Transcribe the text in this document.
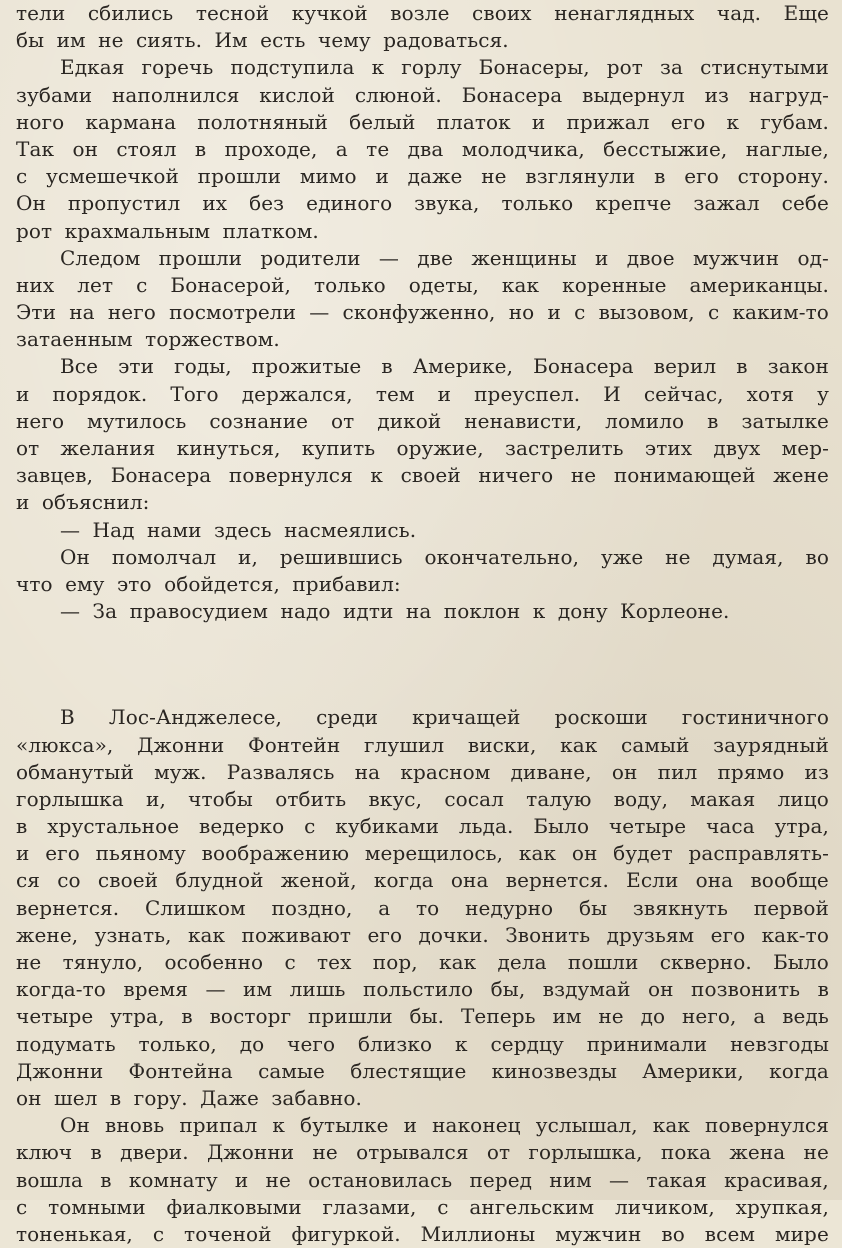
тели сбились тесной кучкой возле своих ненаглядных чад. Еще
бы им не сиять. Им есть чему радоваться.
Едкая горечь подступила к горлу Бонасеры, рот за стиснутыми
зубами наполнился кислой слюной. Бонасера выдернул из нагруд-
ного кармана полотняный белый платок и прижал его к губам.
Так он стоял в проходе, а те два молодчика, бесстыжие, наглые,
с усмешечкой прошли мимо и даже не взглянули в его сторону.
Он пропустил их без единого звука, только крепче зажал себе
рот крахмальным платком.
Следом прошли родители — две женщины и двое мужчин од-
них лет с Бонасерой, только одеты, как коренные американцы.
Эти на него посмотрели — сконфуженно, но и с вызовом, с каким-то
затаенным торжеством.
Все эти годы, прожитые в Америке, Бонасера верил в закон
и порядок. Того держался, тем и преуспел. И сейчас, хотя у
него мутилось сознание от дикой ненависти, ломило в затылке
от желания кинуться, купить оружие, застрелить этих двух мер-
завцев, Бонасера повернулся к своей ничего не понимающей жене
и объяснил:
— Над нами здесь насмеялись.
Он помолчал и, решившись окончательно, уже не думая, во
что ему это обойдется, прибавил:
— За правосудием надо идти на поклон к дону Корлеоне.
В Лос-Анджелесе, среди кричащей роскоши гостиничного
«люкса», Джонни Фонтейн глушил виски, как самый заурядный
обманутый муж. Развалясь на красном диване, он пил прямо из
горлышка и, чтобы отбить вкус, сосал талую воду, макая лицо
в хрустальное ведерко с кубиками льда. Было четыре часа утра,
и его пьяному воображению мерещилось, как он будет расправлять-
ся со своей блудной женой, когда она вернется. Если она вообще
вернется. Слишком поздно, а то недурно бы звякнуть первой
жене, узнать, как поживают его дочки. Звонить друзьям его как-то
не тянуло, особенно с тех пор, как дела пошли скверно. Было
когда-то время — им лишь польстило бы, вздумай он позвонить в
четыре утра, в восторг пришли бы. Теперь им не до него, а ведь
подумать только, до чего близко к сердцу принимали невзгоды
Джонни Фонтейна самые блестящие кинозвезды Америки, когда
он шел в гору. Даже забавно.
Он вновь припал к бутылке и наконец услышал, как повернулся
ключ в двери. Джонни не отрывался от горлышка, пока жена не
вошла в комнату и не остановилась перед ним — такая красивая,
с томными фиалковыми глазами, с ангельским личиком, хрупкая,
тоненькая, с точеной фигуркой. Миллионы мужчин во всем мире
